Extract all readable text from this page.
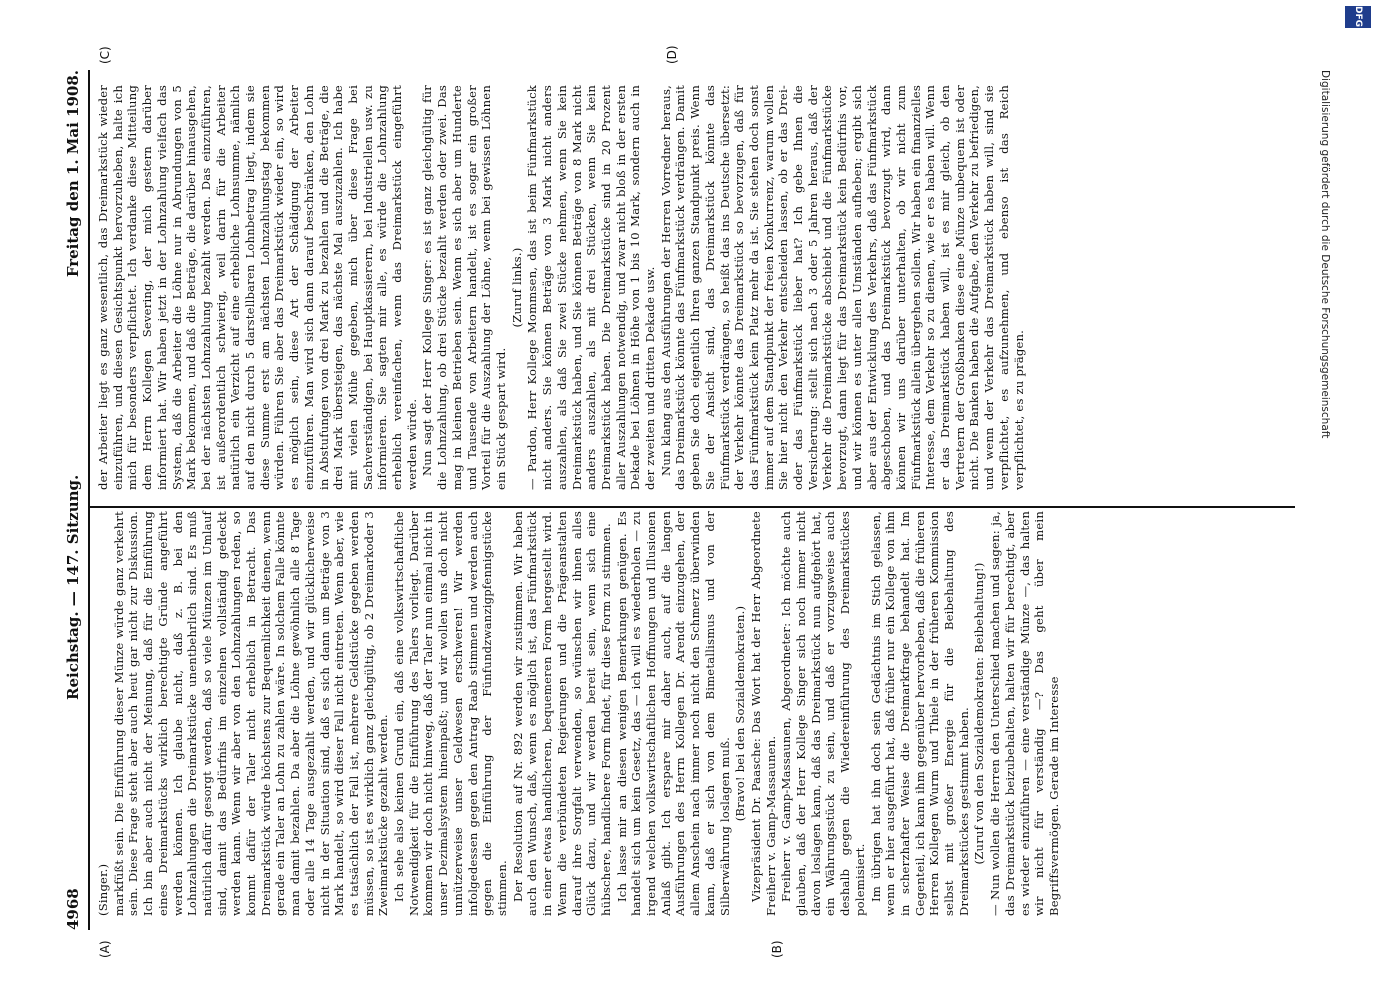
4968
Reichstag. — 147. Sitzung.
Freitag den 1. Mai 1908.
(A)	(B)
(C)	(D)

(Singer.) markfüßt sein. Die Einführung dieser Münze würde ganz verkehrt sein. Diese Frage steht aber auch heut gar nicht zur Diskussion. Ich bin aber auch nicht der Meinung, daß für die Einführung eines Dreimarkstücks wirklich berechtigte Gründe angeführt werden können. Ich glaube nicht, daß z. B. bei den Lohnzahlungen die Dreimarkstücke unentbehrlich sind. Es muß natürlich dafür gesorgt werden, daß so viele Münzen im Umlauf sind, damit das Bedürfnis im einzelnen vollständig gedeckt werden kann. Wenn wir aber von den Lohnzahlungen reden, so kommt dafür der Taler nicht erheblich in Betracht. Das Dreimarkstück würde höchstens zur Bequemlichkeit dienen, wenn gerade ein Taler an Lohn zu zahlen wäre. In solchem Falle könnte man damit bezahlen. Da aber die Löhne gewöhnlich alle 8 Tage oder alle 14 Tage ausgezahlt werden, und wir glücklicherweise nicht in der Situation sind, daß es sich dann um Beträge von 3 Mark handelt, so wird dieser Fall nicht eintreten. Wenn aber, wie es tatsächlich der Fall ist, mehrere Geldstücke gegeben werden müssen, so ist es wirklich ganz gleichgültig, ob 2 Dreimarkoder 3 Zweimarkstücke gezahlt werden. Ich sehe also keinen Grund ein, daß eine volkswirtschaftliche Notwendigkeit für die Einführung des Talers vorliegt. Darüber kommen wir doch nicht hinweg, daß der Taler nun einmal nicht in unser Dezimalsystem hineinpaßt; und wir wollen uns doch nicht unnützerweise unser Geldwesen erschweren! Wir werden infolgedessen gegen den Antrag Raab stimmen und werden auch gegen die Einführung der Fünfundzwanzigpfennigstücke stimmen. Der Resolution auf Nr. 892 werden wir zustimmen. Wir haben auch den Wunsch, daß, wenn es möglich ist, das Fünfmarkstück in einer etwas handlicheren, bequemeren Form hergestellt wird. Wenn die verbündeten Regierungen und die Prägeanstalten darauf ihre Sorgfalt verwenden, so wünschen wir ihnen alles Glück dazu, und wir werden bereit sein, wenn sich eine hübschere, handlichere Form findet, für diese Form zu stimmen. Ich lasse mir an diesen wenigen Bemerkungen genügen. Es handelt sich um kein Gesetz, das — ich will es wiederholen — zu irgend welchen volkswirtschaftlichen Hoffnungen und Illusionen Anlaß gibt. Ich erspare mir daher auch, auf die langen Ausführungen des Herrn Kollegen Dr. Arendt einzugehen, der allem Anschein nach immer noch nicht den Schmerz überwinden kann, daß er sich von dem Bimetallismus und von der Silberwährung loslagen muß.

(Bravo! bei den Sozialdemokraten.) Vizepräsident Dr. Paasche: Das Wort hat der Herr Abgeordnete Freiherr v. Gamp-Massaunen. Freiherr v. Gamp-Massaunen, Abgeordneter: Ich möchte auch glauben, daß der Herr Kollege Singer sich noch immer nicht davon loslagen kann, daß das Dreimarkstück nun aufgehört hat, ein Währungsstück zu sein, und daß er vorzugsweise auch deshalb gegen die Wiedereinführung des Dreimarkstückes polemisiert. Im übrigen hat ihn doch sein Gedächtnis im Stich gelassen, wenn er hier ausgeführt hat, daß früher nur ein Kollege von ihm in scherzhafter Weise die Dreimarkfrage behandelt hat. Im Gegenteil, ich kann ihm gegenüber hervorheben, daß die früheren Herren Kollegen Wurm und Thiele in der früheren Kommission selbst mit großer Energie für die Beibehaltung des Dreimarkstückes gestimmt haben. (Zuruf von den Sozialdemokraten: Beibehaltung!) — Nun wollen die Herren den Unterschied machen und sagen: ja, das Dreimarkstück beizubehalten, halten wir für berechtigt, aber es wieder einzuführen — eine verständige Münze —, das halten wir nicht für verständig —? Das geht über mein Begriffsvermögen. Gerade im Interesse

der Arbeiter liegt es ganz wesentlich, das Dreimarkstück wieder einzuführen, und diesen Gesichtspunkt hervorzuheben, halte ich mich für besonders verpflichtet. Ich verdanke diese Mitteilung dem Herrn Kollegen Severing, der mich gestern darüber informiert hat. Wir haben jetzt in der Lohnzahlung vielfach das System, daß die Arbeiter die Löhne nur in Abrundungen von 5 Mark bekommen, und daß die Beträge, die darüber hinausgehen, bei der nächsten Lohnzahlung bezahlt werden. Das einzuführen, ist außerordentlich schwierig, weil darin für die Arbeiter natürlich ein Verzicht auf eine erhebliche Lohnsumme, nämlich auf den nicht durch 5 darstellbaren Lohnbetrag liegt, indem sie diese Summe erst am nächsten Lohnzahlungstag bekommen würden. Führen Sie aber das Dreimarkstück wieder ein, so wird es möglich sein, diese Art der Schädigung der Arbeiter einzuführen. Man wird sich dann darauf beschränken, den Lohn in Abstufungen von drei Mark zu bezahlen und die Beträge, die drei Mark übersteigen, das nächste Mal auszuzahlen. Ich habe mit vielen Mühe gegeben, mich über diese Frage bei Sachverständigen, bei Hauptkassierern, bei Industriellen usw. zu informieren. Sie sagten mir alle, es würde die Lohnzahlung erheblich vereinfachen, wenn das Dreimarkstück eingeführt werden würde. Nun sagt der Herr Kollege Singer: es ist ganz gleichgültig für die Lohnzahlung, ob drei Stücke bezahlt werden oder zwei. Das mag in kleinen Betrieben sein. Wenn es sich aber um Hunderte und Tausende von Arbeitern handelt, ist es sogar ein großer Vorteil für die Auszahlung der Löhne, wenn bei gewissen Löhnen ein Stück gespart wird.

(Zuruf links.) — Pardon, Herr Kollege Mommsen, das ist beim Fünfmarkstück nicht anders. Sie können Beträge von 3 Mark nicht anders auszahlen, als daß Sie zwei Stücke nehmen, wenn Sie kein Dreimarkstück haben, und Sie können Beträge von 8 Mark nicht anders auszahlen, als mit drei Stücken, wenn Sie kein Dreimarkstück haben. Die Dreimarkstücke sind in 20 Prozent aller Auszahlungen notwendig, und zwar nicht bloß in der ersten Dekade bei Löhnen in Höhe von 1 bis 10 Mark, sondern auch in der zweiten und dritten Dekade usw. Nun klang aus den Ausführungen der Herren Vorredner heraus, das Dreimarkstück könnte das Fünfmarkstück verdrängen. Damit geben Sie doch eigentlich Ihren ganzen Standpunkt preis. Wenn Sie der Ansicht sind, das Dreimarkstück könnte das Fünfmarkstück verdrängen, so heißt das ins Deutsche übersetzt: der Verkehr könnte das Dreimarkstück so bevorzugen, daß für das Fünfmarkstück kein Platz mehr da ist. Sie stehen doch sonst immer auf dem Standpunkt der freien Konkurrenz, warum wollen Sie hier nicht den Verkehr entscheiden lassen, ob er das Drei- oder das Fünfmarkstück lieber hat? Ich gebe Ihnen die Versicherung: stellt sich nach 3 oder 5 Jahren heraus, daß der Verkehr die Dreimarkstücke abschiebt und die Fünfmarkstücke bevorzugt, dann liegt für das Dreimarkstück kein Bedürfnis vor, und wir können es unter allen Umständen aufheben; ergibt sich aber aus der Entwicklung des Verkehrs, daß das Fünfmarkstück abgeschoben, und das Dreimarkstück bevorzugt wird, dann können wir uns darüber unterhalten, ob wir nicht zum Fünfmarkstück allein übergehen sollen. Wir haben ein finanzielles Interesse, dem Verkehr so zu dienen, wie er es haben will. Wenn er das Dreimarkstück haben will, ist es mir gleich, ob den Vertretern der Großbanken diese eine Münze unbequem ist oder nicht. Die Banken haben die Aufgabe, den Verkehr zu befriedigen, und wenn der Verkehr das Dreimarkstück haben will, sind sie verpflichtet, es aufzunehmen, und ebenso ist das Reich verpflichtet, es zu prägen.

DFG
Digitalisierung gefördert durch die Deutsche Forschungsgemeinschaft
